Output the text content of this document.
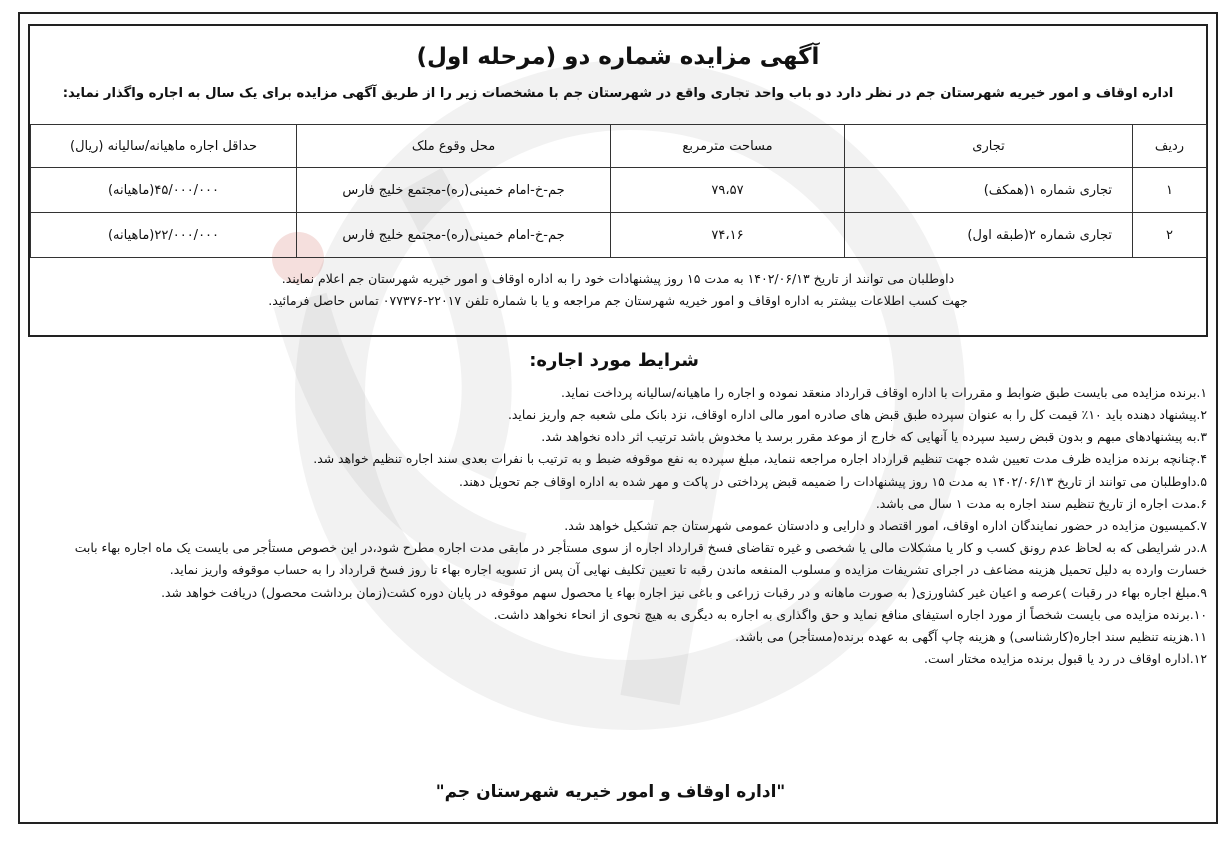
آگهی مزایده شماره دو (مرحله اول)
اداره اوقاف و امور خیریه شهرستان جم در نظر دارد دو باب واحد تجاری واقع در شهرستان جم با مشخصات زیر را از طریق آگهی مزایده برای یک سال به اجاره واگذار نماید:
ردیف	تجاری	مساحت مترمربع	محل وقوع ملک	حداقل اجاره ماهیانه/سالیانه (ریال)
۱	تجاری شماره ۱(همکف)	۷۹،۵۷	جم-خ-امام خمینی(ره)-مجتمع خلیج فارس	۴۵/۰۰۰/۰۰۰(ماهیانه)
۲	تجاری شماره ۲(طبقه اول)	۷۴،۱۶	جم-خ-امام خمینی(ره)-مجتمع خلیج فارس	۲۲/۰۰۰/۰۰۰(ماهیانه)
داوطلبان می توانند از تاریخ ۱۴۰۲/۰۶/۱۳ به مدت ۱۵ روز پیشنهادات خود را به اداره اوقاف و امور خیریه شهرستان جم اعلام نمایند.
جهت کسب اطلاعات بیشتر به اداره اوقاف و امور خیریه شهرستان جم مراجعه و یا با شماره تلفن ۲۲۰۱۷-۰۷۷۳۷۶ تماس حاصل فرمائید.
شرایط مورد اجاره:
۱.برنده مزایده می بایست طبق ضوابط و مقررات با اداره اوقاف قرارداد منعقد نموده و اجاره را ماهیانه/سالیانه پرداخت نماید.
۲.پیشنهاد دهنده باید ۱۰٪ قیمت کل را به عنوان سپرده طبق قبض های صادره امور مالی اداره اوقاف، نزد بانک ملی شعبه جم واریز نماید.
۳.به پیشنهادهای مبهم و بدون قبض رسید سپرده یا آنهایی که خارج از موعد مقرر برسد یا مخدوش باشد ترتیب اثر داده نخواهد شد.
۴.چنانچه برنده مزایده ظرف مدت تعیین شده جهت تنظیم قرارداد اجاره مراجعه ننماید، مبلغ سپرده به نفع موقوفه ضبط و به ترتیب با نفرات بعدی سند اجاره تنظیم خواهد شد.
۵.داوطلبان می توانند از تاریخ ۱۴۰۲/۰۶/۱۳ به مدت ۱۵ روز پیشنهادات را ضمیمه قبض پرداختی در پاکت و مهر شده به اداره اوقاف جم تحویل دهند.
۶.مدت اجاره از تاریخ تنظیم سند اجاره به مدت ۱ سال می باشد.
۷.کمیسیون مزایده در حضور نمایندگان اداره اوقاف، امور اقتصاد و دارایی و دادستان عمومی شهرستان جم تشکیل خواهد شد.
۸.در شرایطی که به لحاظ عدم رونق کسب و کار یا مشکلات مالی یا شخصی و غیره تقاضای فسخ قرارداد اجاره از سوی مستأجر در مابقی مدت اجاره مطرح شود،در این خصوص مستأجر می بایست یک ماه اجاره بهاء بابت
خسارت وارده به دلیل تحمیل هزینه مضاعف در اجرای تشریفات مزایده و مسلوب المنفعه ماندن رقبه تا تعیین تکلیف نهایی آن پس از تسویه اجاره بهاء تا روز فسخ قرارداد را به حساب موقوفه واریز نماید.
۹.مبلغ اجاره بهاء در رقبات )عرصه و اعیان غیر کشاورزی( به صورت ماهانه و در رقبات زراعی و باغی نیز اجاره بهاء یا محصول سهم موقوفه در پایان دوره کشت(زمان برداشت محصول) دریافت خواهد شد.
۱۰.برنده مزایده می بایست شخصاً از مورد اجاره استیفای منافع نماید و حق واگذاری به اجاره به دیگری به هیچ نحوی از انحاء نخواهد داشت.
۱۱.هزینه تنظیم سند اجاره(کارشناسی) و هزینه چاپ آگهی به عهده برنده(مستأجر) می باشد.
۱۲.اداره اوقاف در رد یا قبول برنده مزایده مختار است.
"اداره اوقاف و امور خیریه شهرستان جم"
